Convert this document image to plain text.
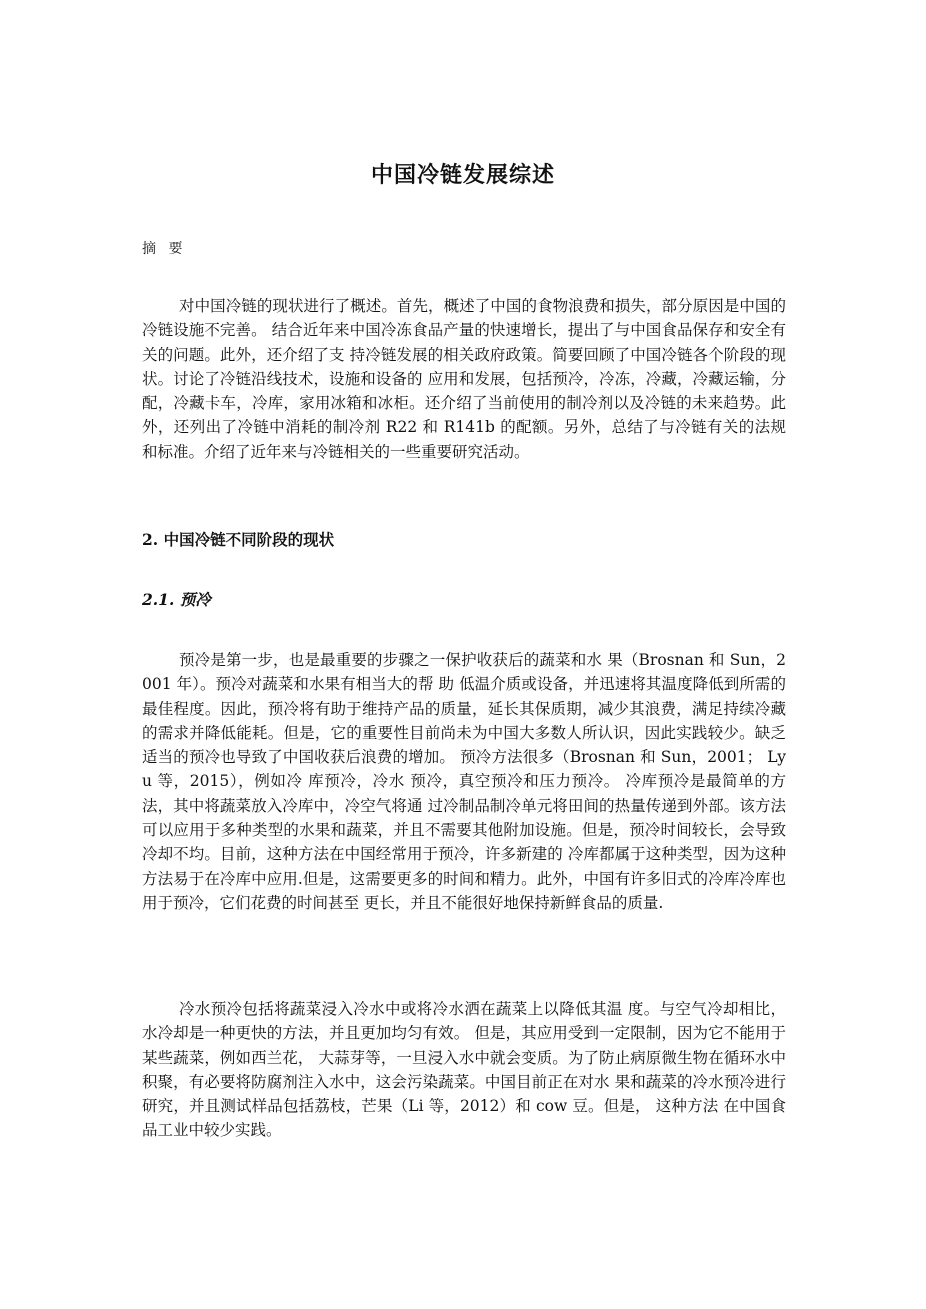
中国冷链发展综述

摘 要

对中国冷链的现状进行了概述。首先，概述了中国的食物浪费和损失，部分原因是中国的冷链设施不完善。 结合近年来中国冷冻食品产量的快速增长，提出了与中国食品保存和安全有关的问题。此外，还介绍了支 持冷链发展的相关政府政策。简要回顾了中国冷链各个阶段的现状。讨论了冷链沿线技术，设施和设备的 应用和发展，包括预冷，冷冻，冷藏，冷藏运输，分配，冷藏卡车，冷库，家用冰箱和冰柜。还介绍了当前使用的制冷剂以及冷链的未来趋势。此外，还列出了冷链中消耗的制冷剂 R22 和 R141b 的配额。另外，总结了与冷链有关的法规和标准。介绍了近年来与冷链相关的一些重要研究活动。

2. 中国冷链不同阶段的现状
2.1. 预冷

预冷是第一步，也是最重要的步骤之一保护收获后的蔬菜和水 果（Brosnan 和 Sun，2001 年）。预冷对蔬菜和水果有相当大的帮 助 低温介质或设备，并迅速将其温度降低到所需的最佳程度。因此，预冷将有助于维持产品的质量，延长其保质期，减少其浪费，满足持续冷藏的需求并降低能耗。但是，它的重要性目前尚未为中国大多数人所认识，因此实践较少。缺乏适当的预冷也导致了中国收获后浪费的增加。 预冷方法很多（Brosnan 和 Sun，2001； Lyu 等，2015），例如冷 库预冷，冷水 预冷，真空预冷和压力预冷。 冷库预冷是最简单的方法，其中将蔬菜放入冷库中，冷空气将通 过冷制品制冷单元将田间的热量传递到外部。该方法可以应用于多种类型的水果和蔬菜，并且不需要其他附加设施。但是，预冷时间较长，会导致冷却不均。目前，这种方法在中国经常用于预冷，许多新建的 冷库都属于这种类型，因为这种方法易于在冷库中应用.但是，这需要更多的时间和精力。此外，中国有许多旧式的冷库冷库也用于预冷，它们花费的时间甚至 更长，并且不能很好地保持新鲜食品的质量.

冷水预冷包括将蔬菜浸入冷水中或将冷水洒在蔬菜上以降低其温 度。与空气冷却相比，水冷却是一种更快的方法，并且更加均匀有效。 但是，其应用受到一定限制，因为它不能用于某些蔬菜，例如西兰花， 大蒜芽等，一旦浸入水中就会变质。为了防止病原微生物在循环水中 积聚，有必要将防腐剂注入水中，这会污染蔬菜。中国目前正在对水 果和蔬菜的冷水预冷进行研究，并且测试样品包括荔枝，芒果（Li 等，2012）和 cow 豆。但是， 这种方法 在中国食品工业中较少实践。
